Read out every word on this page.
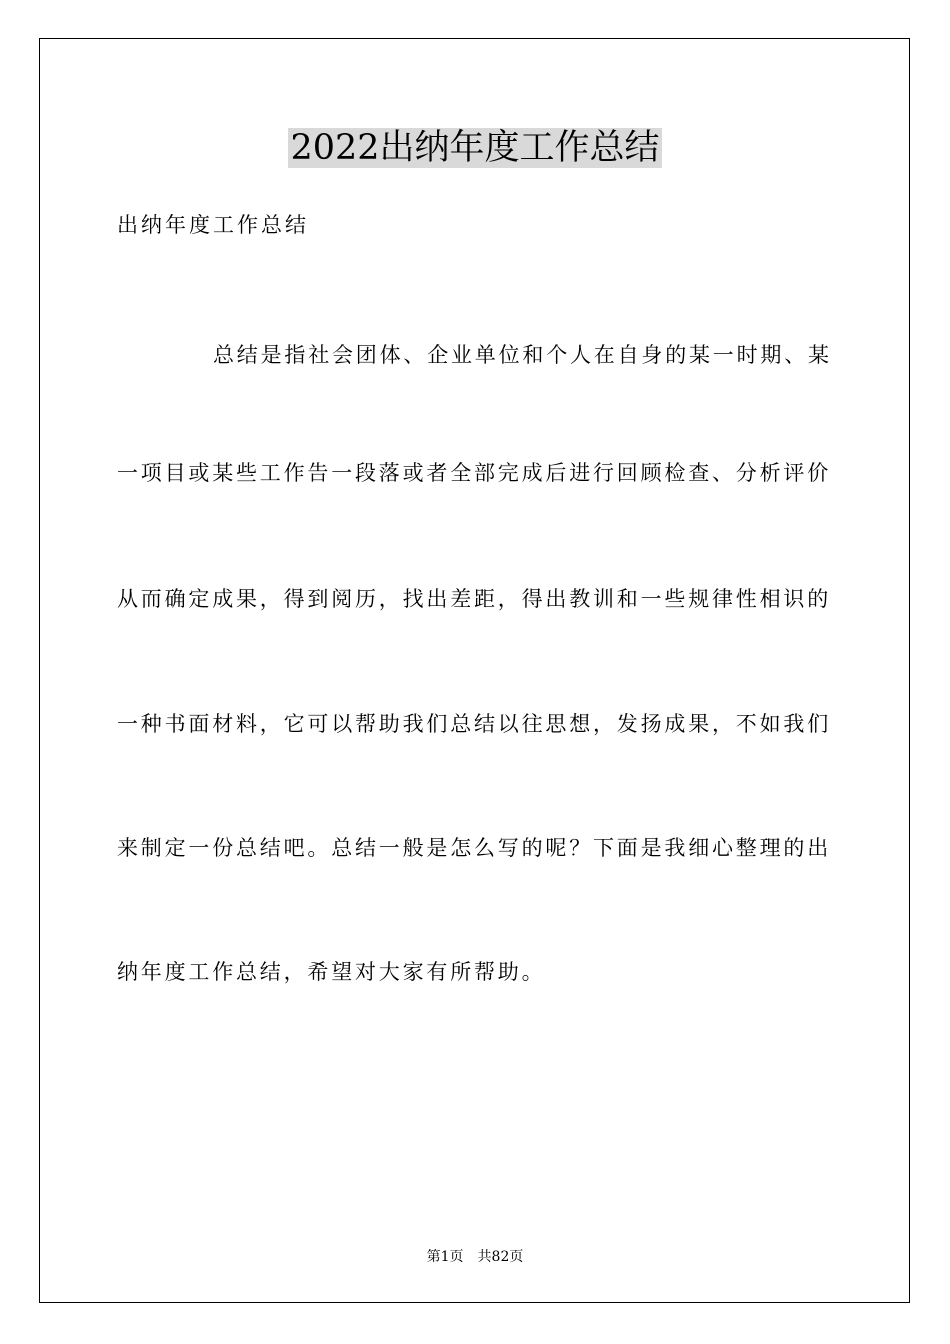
2022出纳年度工作总结

出纳年度工作总结

总结是指社会团体、企业单位和个人在自身的某一时期、某

一项目或某些工作告一段落或者全部完成后进行回顾检查、分析评价

从而确定成果，得到阅历，找出差距，得出教训和一些规律性相识的

一种书面材料，它可以帮助我们总结以往思想，发扬成果，不如我们

来制定一份总结吧。总结一般是怎么写的呢？下面是我细心整理的出

纳年度工作总结，希望对大家有所帮助。

第1页　共82页
